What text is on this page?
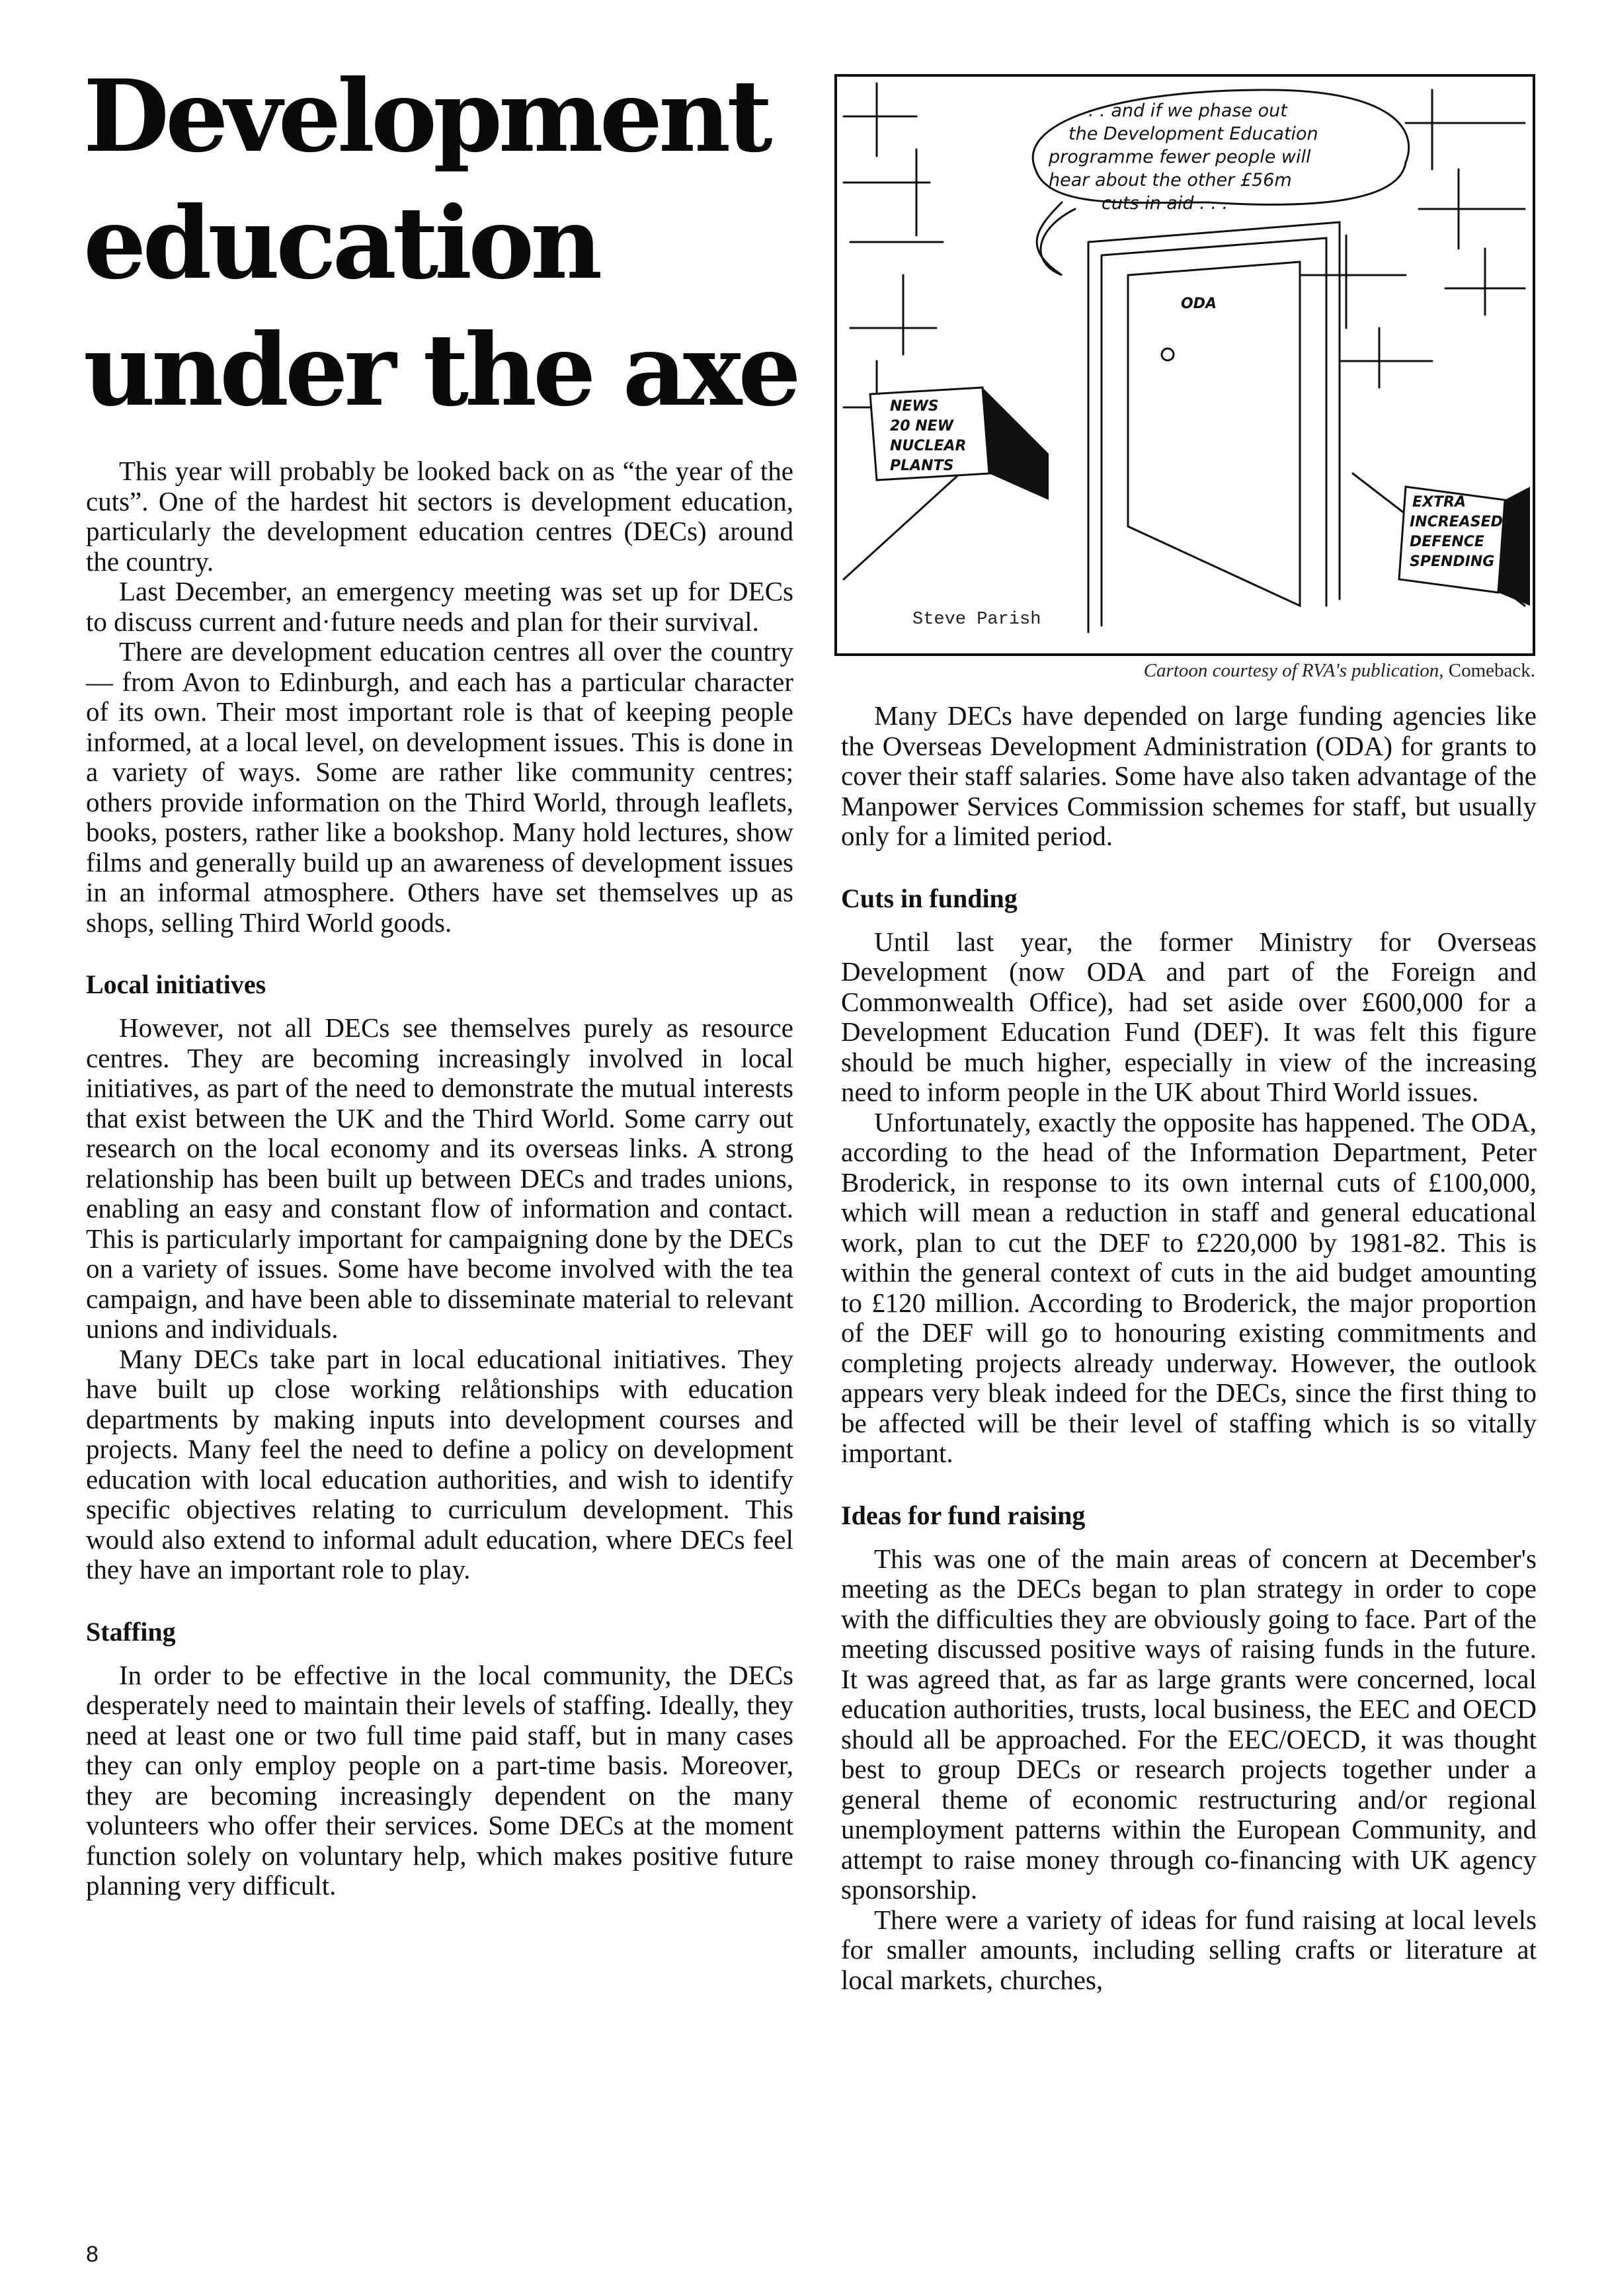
Development
education
under the axe	NEWS
20 NEW
NUCLEAR
PLANTS
EXTRA
INCREASED
DEFENCE
SPENDING
ODA
. . and if we phase out
the Development Education
programme fewer people will
hear about the other £56m
cuts in aid . . .
Steve Parish
Cartoon courtesy of RVA's publication, Comeback.

This year will probably be looked back on as “the year of the cuts”. One of the hardest hit sectors is development education, particularly the development education centres (DECs) around the country.

Last December, an emergency meeting was set up for DECs to discuss current and·future needs and plan for their survival.

There are development education centres all over the country — from Avon to Edinburgh, and each has a particular character of its own. Their most important role is that of keeping people informed, at a local level, on development issues. This is done in a variety of ways. Some are rather like community centres; others provide information on the Third World, through leaflets, books, posters, rather like a bookshop. Many hold lectures, show films and generally build up an awareness of development issues in an informal atmosphere. Others have set themselves up as shops, selling Third World goods.

Local initiatives

However, not all DECs see themselves purely as resource centres. They are becoming increasingly involved in local initiatives, as part of the need to demonstrate the mutual interests that exist between the UK and the Third World. Some carry out research on the local economy and its overseas links. A strong relationship has been built up between DECs and trades unions, enabling an easy and constant flow of information and contact. This is particularly important for campaigning done by the DECs on a variety of issues. Some have become involved with the tea campaign, and have been able to disseminate material to relevant unions and individuals.

Many DECs take part in local educational initiatives. They have built up close working relåtionships with education departments by making inputs into development courses and projects. Many feel the need to define a policy on development education with local education authorities, and wish to identify specific objectives relating to curriculum development. This would also extend to informal adult education, where DECs feel they have an important role to play.

Staffing

In order to be effective in the local community, the DECs desperately need to maintain their levels of staffing. Ideally, they need at least one or two full time paid staff, but in many cases they can only employ people on a part-time basis. Moreover, they are becoming increasingly dependent on the many volunteers who offer their services. Some DECs at the moment function solely on voluntary help, which makes positive future planning very difficult.

Many DECs have depended on large funding agencies like the Overseas Development Administration (ODA) for grants to cover their staff salaries. Some have also taken advantage of the Manpower Services Commission schemes for staff, but usually only for a limited period.

Cuts in funding

Until last year, the former Ministry for Overseas Development (now ODA and part of the Foreign and Commonwealth Office), had set aside over £600,000 for a Development Education Fund (DEF). It was felt this figure should be much higher, especially in view of the increasing need to inform people in the UK about Third World issues.

Unfortunately, exactly the opposite has happened. The ODA, according to the head of the Information Department, Peter Broderick, in response to its own internal cuts of £100,000, which will mean a reduction in staff and general educational work, plan to cut the DEF to £220,000 by 1981-82. This is within the general context of cuts in the aid budget amounting to £120 million. According to Broderick, the major proportion of the DEF will go to honouring existing commitments and completing projects already underway. However, the outlook appears very bleak indeed for the DECs, since the first thing to be affected will be their level of staffing which is so vitally important.

Ideas for fund raising

This was one of the main areas of concern at December's meeting as the DECs began to plan strategy in order to cope with the difficulties they are obviously going to face. Part of the meeting discussed positive ways of raising funds in the future. It was agreed that, as far as large grants were concerned, local education authorities, trusts, local business, the EEC and OECD should all be approached. For the EEC/OECD, it was thought best to group DECs or research projects together under a general theme of economic restructuring and/or regional unemployment patterns within the European Community, and attempt to raise money through co-financing with UK agency sponsorship.

There were a variety of ideas for fund raising at local levels for smaller amounts, including selling crafts or literature at local markets, churches,

8
